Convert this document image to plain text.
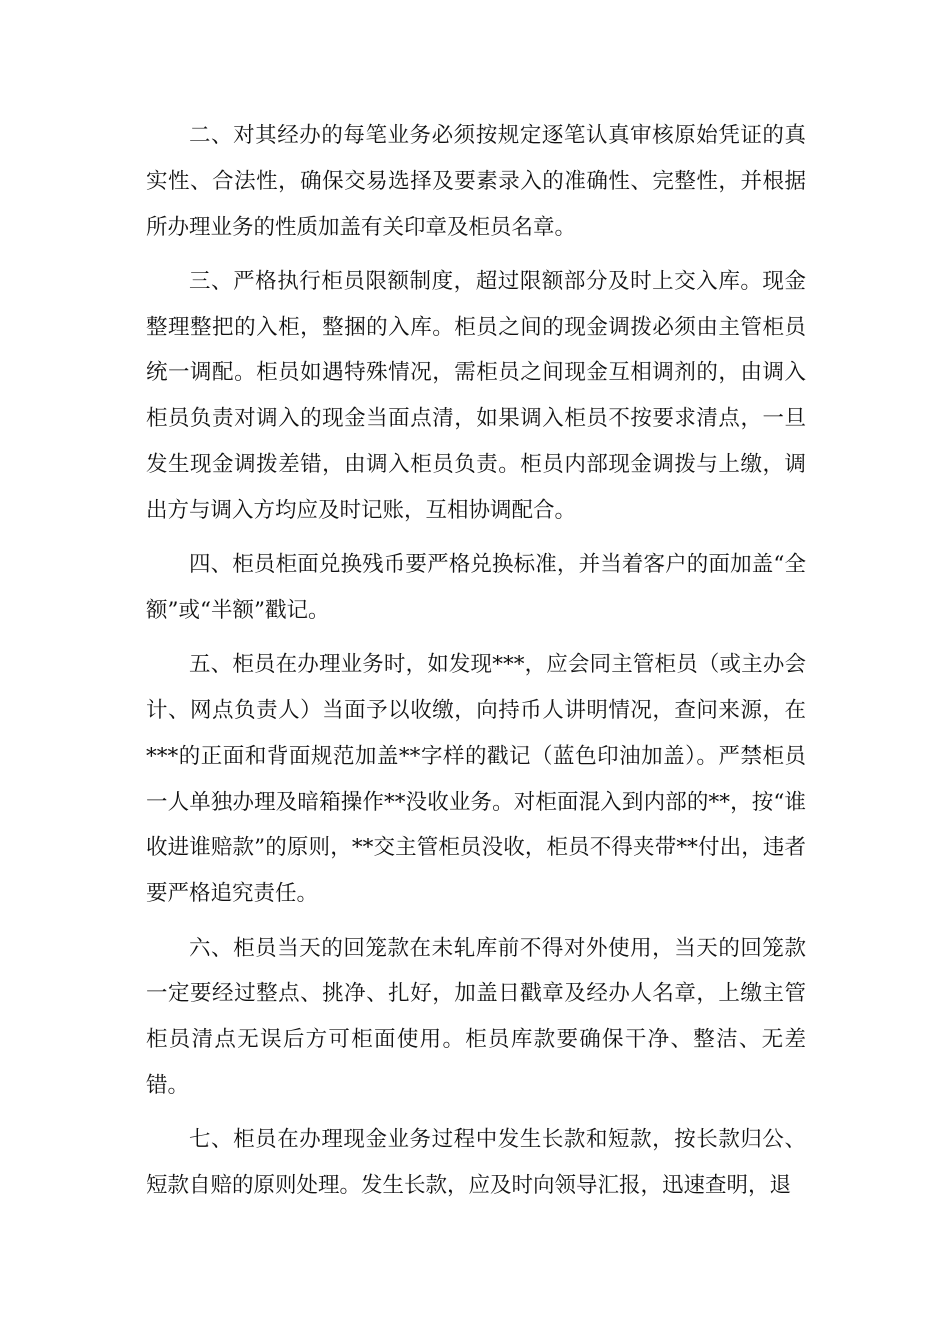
二、对其经办的每笔业务必须按规定逐笔认真审核原始凭证的真实性、合法性，确保交易选择及要素录入的准确性、完整性，并根据所办理业务的性质加盖有关印章及柜员名章。

三、严格执行柜员限额制度，超过限额部分及时上交入库。现金整理整把的入柜，整捆的入库。柜员之间的现金调拨必须由主管柜员统一调配。柜员如遇特殊情况，需柜员之间现金互相调剂的，由调入柜员负责对调入的现金当面点清，如果调入柜员不按要求清点，一旦发生现金调拨差错，由调入柜员负责。柜员内部现金调拨与上缴，调出方与调入方均应及时记账，互相协调配合。

四、柜员柜面兑换残币要严格兑换标准，并当着客户的面加盖“全额”或“半额”戳记。

五、柜员在办理业务时，如发现***，应会同主管柜员（或主办会计、网点负责人）当面予以收缴，向持币人讲明情况，查问来源，在***的正面和背面规范加盖**字样的戳记（蓝色印油加盖）。严禁柜员一人单独办理及暗箱操作**没收业务。对柜面混入到内部的**，按“谁收进谁赔款”的原则，**交主管柜员没收，柜员不得夹带**付出，违者要严格追究责任。

六、柜员当天的回笼款在未轧库前不得对外使用，当天的回笼款一定要经过整点、挑净、扎好，加盖日戳章及经办人名章，上缴主管柜员清点无误后方可柜面使用。柜员库款要确保干净、整洁、无差错。

七、柜员在办理现金业务过程中发生长款和短款，按长款归公、短款自赔的原则处理。发生长款，应及时向领导汇报，迅速查明，退
